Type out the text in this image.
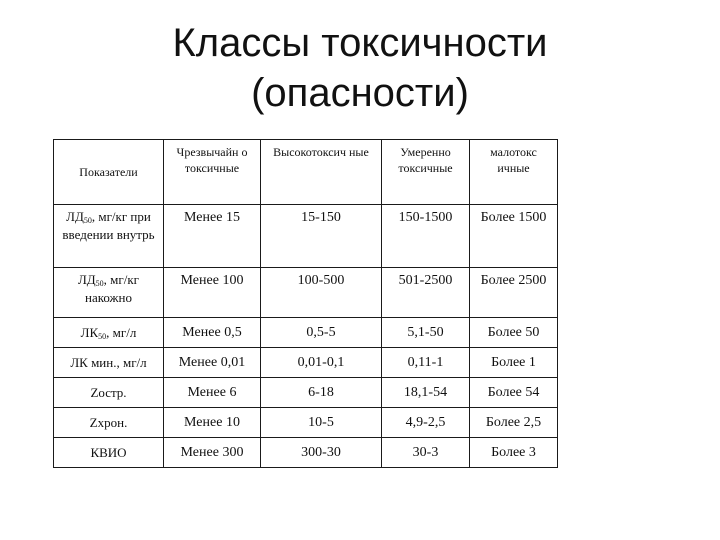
Классы токсичности
(опасности)
Показатели	Чрезвычайн о токсичные	Высокотоксич ные	Умеренно токсичные	малотокс ичные
$ЛД_{50}$, мг/кг при введении внутрь	Менее 15	15-150	150-1500	Более 1500
$ЛД_{50}$, мг/кг накожно	Менее 100	100-500	501-2500	Более 2500
$ЛК_{50}$, мг/л	Менее 0,5	0,5-5	5,1-50	Более 50
ЛК мин., мг/л	Менее 0,01	0,01-0,1	0,11-1	Более 1
Zостр.	Менее 6	6-18	18,1-54	Более 54
Zхрон.	Менее 10	10-5	4,9-2,5	Более 2,5
КВИО	Менее 300	300-30	30-3	Более 3
